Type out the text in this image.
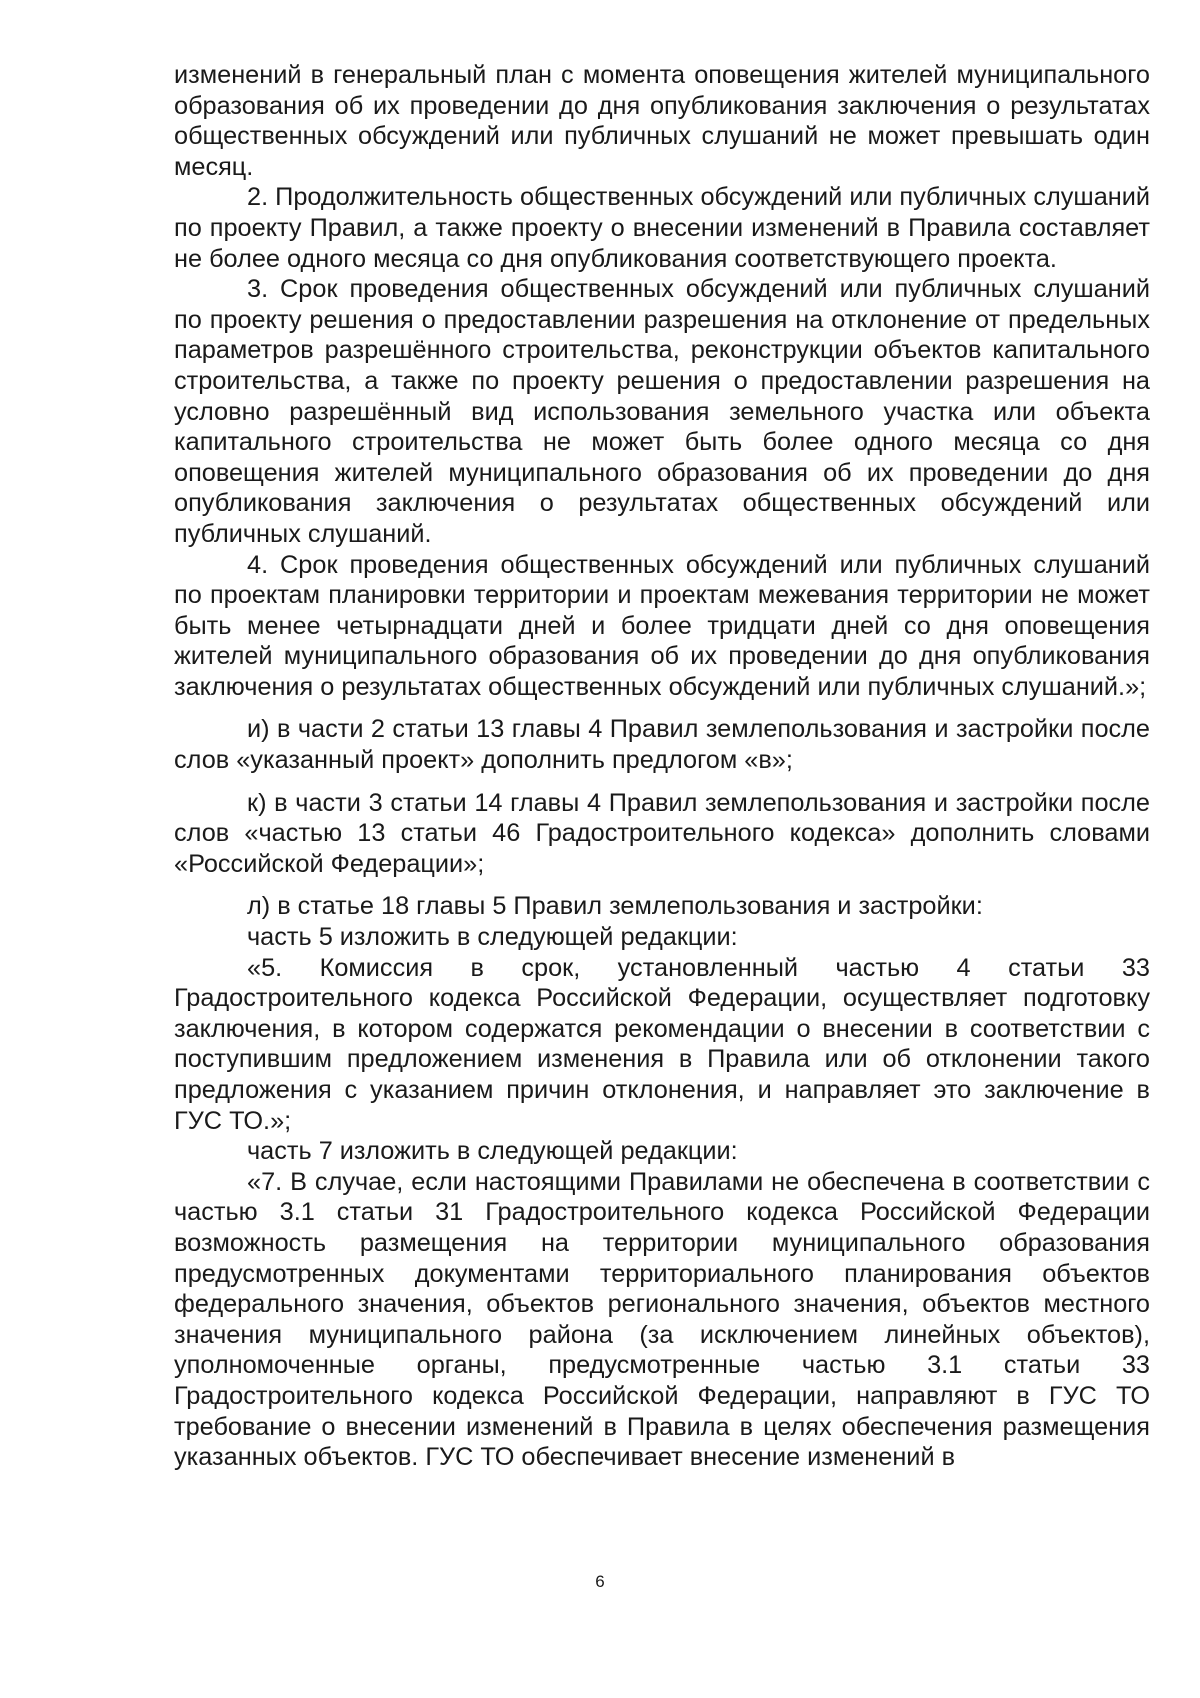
изменений в генеральный план с момента оповещения жителей муниципального образования об их проведении до дня опубликования заключения о результатах общественных обсуждений или публичных слушаний не может превышать один месяц.

2. Продолжительность общественных обсуждений или публичных слушаний по проекту Правил, а также проекту о внесении изменений в Правила составляет не более одного месяца со дня опубликования соответствующего проекта.

3. Срок проведения общественных обсуждений или публичных слушаний по проекту решения о предоставлении разрешения на отклонение от предельных параметров разрешённого строительства, реконструкции объектов капитального строительства, а также по проекту решения о предоставлении разрешения на условно разрешённый вид использования земельного участка или объекта капитального строительства не может быть более одного месяца со дня оповещения жителей муниципального образования об их проведении до дня опубликования заключения о результатах общественных обсуждений или публичных слушаний.

4. Срок проведения общественных обсуждений или публичных слушаний по проектам планировки территории и проектам межевания территории не может быть менее четырнадцати дней и более тридцати дней со дня оповещения жителей муниципального образования об их проведении до дня опубликования заключения о результатах общественных обсуждений или публичных слушаний.»;

и) в части 2 статьи 13 главы 4 Правил землепользования и застройки после слов «указанный проект» дополнить предлогом «в»;

к) в части 3 статьи 14 главы 4 Правил землепользования и застройки после слов «частью 13 статьи 46 Градостроительного кодекса» дополнить словами «Российской Федерации»;

л) в статье 18 главы 5 Правил землепользования и застройки:

часть 5 изложить в следующей редакции:

«5. Комиссия в срок, установленный частью 4 статьи 33 Градостроительного кодекса Российской Федерации, осуществляет подготовку заключения, в котором содержатся рекомендации о внесении в соответствии с поступившим предложением изменения в Правила или об отклонении такого предложения с указанием причин отклонения, и направляет это заключение в ГУС ТО.»;

часть 7 изложить в следующей редакции:

«7. В случае, если настоящими Правилами не обеспечена в соответствии с частью 3.1 статьи 31 Градостроительного кодекса Российской Федерации возможность размещения на территории муниципального образования предусмотренных документами территориального планирования объектов федерального значения, объектов регионального значения, объектов местного значения муниципального района (за исключением линейных объектов), уполномоченные органы, предусмотренные частью 3.1 статьи 33 Градостроительного кодекса Российской Федерации, направляют в ГУС ТО требование о внесении изменений в Правила в целях обеспечения размещения указанных объектов. ГУС ТО обеспечивает внесение изменений в

6
